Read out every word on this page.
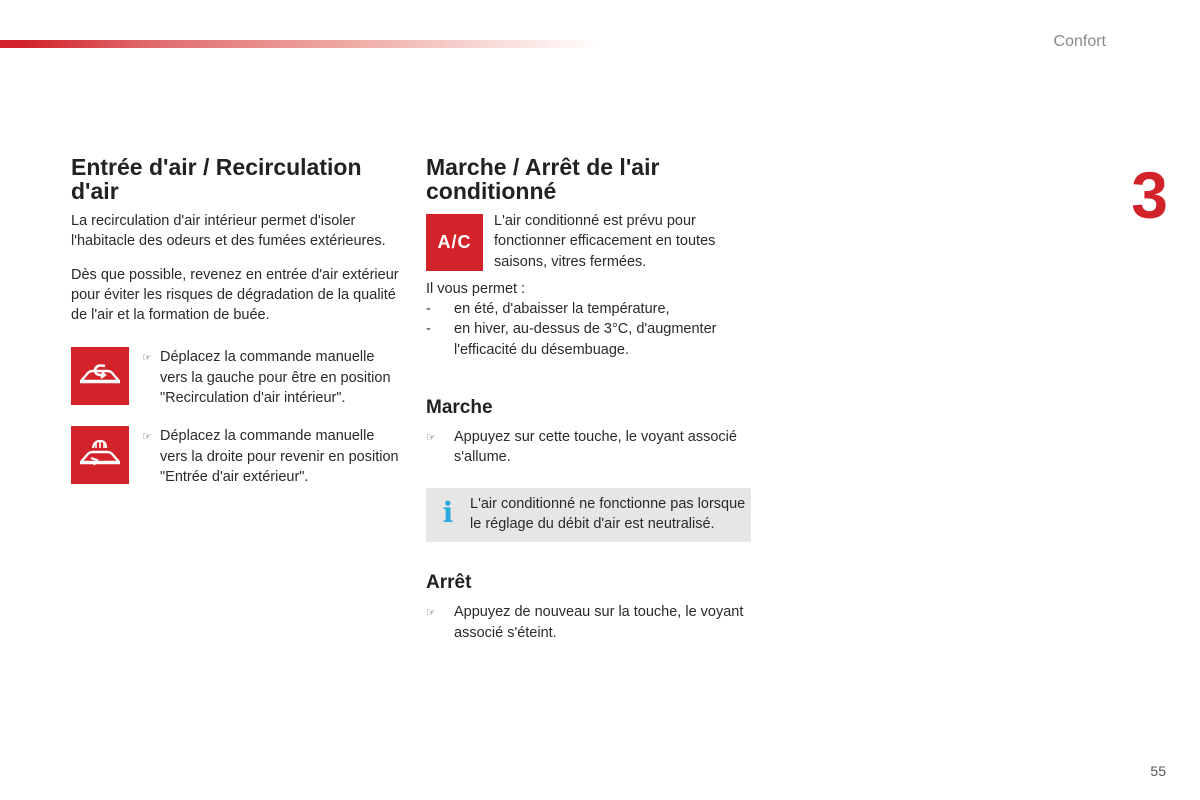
Confort
3
Entrée d'air / Recirculation d'air

La recirculation d'air intérieur permet d'isoler l'habitacle des odeurs et des fumées extérieures.

Dès que possible, revenez en entrée d'air extérieur pour éviter les risques de dégradation de la qualité de l'air et la formation de buée.

☞ Déplacez la commande manuelle vers la gauche pour être en position "Recirculation d'air intérieur".
☞ Déplacez la commande manuelle vers la droite pour revenir en position "Entrée d'air extérieur".
Marche / Arrêt de l'air conditionné
A/C

L'air conditionné est prévu pour fonctionner efficacement en toutes saisons, vitres fermées.

Il vous permet :

-	en été, d'abaisser la température,
-	en hiver, au-dessus de 3°C, d'augmenter l'efficacité du désembuage.
Marche
☞	Appuyez sur cette touche, le voyant associé s'allume.
i	L'air conditionné ne fonctionne pas lorsque le réglage du débit d'air est neutralisé.
Arrêt
☞	Appuyez de nouveau sur la touche, le voyant associé s'éteint.
55
